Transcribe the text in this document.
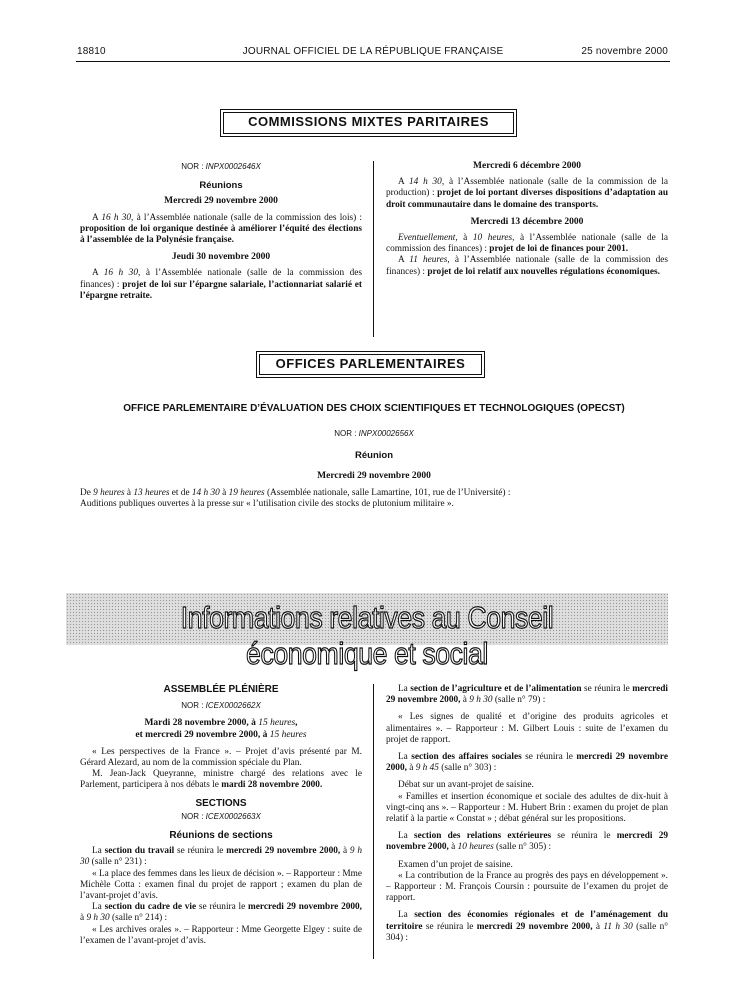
18810	JOURNAL OFFICIEL DE LA RÉPUBLIQUE FRANÇAISE	25 novembre 2000
COMMISSIONS MIXTES PARITAIRES
NOR : INPX0002646X
Réunions
Mercredi 29 novembre 2000

A 16 h 30, à l’Assemblée nationale (salle de la commission des lois) : proposition de loi organique destinée à améliorer l’équité des élections à l’assemblée de la Polynésie française.

Jeudi 30 novembre 2000

A 16 h 30, à l’Assemblée nationale (salle de la commission des finances) : projet de loi sur l’épargne salariale, l’actionnariat salarié et l’épargne retraite.

Mercredi 6 décembre 2000

A 14 h 30, à l’Assemblée nationale (salle de la commission de la production) : projet de loi portant diverses dispositions d’adaptation au droit communautaire dans le domaine des transports.

Mercredi 13 décembre 2000

Eventuellement, à 10 heures, à l’Assemblée nationale (salle de la commission des finances) : projet de loi de finances pour 2001.

A 11 heures, à l’Assemblée nationale (salle de la commission des finances) : projet de loi relatif aux nouvelles régulations économiques.

OFFICES PARLEMENTAIRES
OFFICE PARLEMENTAIRE D’ÉVALUATION DES CHOIX SCIENTIFIQUES ET TECHNOLOGIQUES (OPECST)
NOR : INPX0002656X
Réunion
Mercredi 29 novembre 2000
De 9 heures à 13 heures et de 14 h 30 à 19 heures (Assemblée nationale, salle Lamartine, 101, rue de l’Université) :
Auditions publiques ouvertes à la presse sur « l’utilisation civile des stocks de plutonium militaire ».
Informations relatives au Conseil économique et social
ASSEMBLÉE PLÉNIÈRE
NOR : ICEX0002662X
Mardi 28 novembre 2000, à 15 heures,
et mercredi 29 novembre 2000, à 15 heures

« Les perspectives de la France ». – Projet d’avis présenté par M. Gérard Alezard, au nom de la commission spéciale du Plan.

M. Jean-Jack Queyranne, ministre chargé des relations avec le Parlement, participera à nos débats le mardi 28 novembre 2000.

SECTIONS
NOR : ICEX0002663X
Réunions de sections

La section du travail se réunira le mercredi 29 novembre 2000, à 9 h 30 (salle n° 231) :

« La place des femmes dans les lieux de décision ». – Rapporteur : Mme Michèle Cotta : examen final du projet de rapport ; examen du plan de l’avant-projet d’avis.

La section du cadre de vie se réunira le mercredi 29 novembre 2000, à 9 h 30 (salle n° 214) :

« Les archives orales ». – Rapporteur : Mme Georgette Elgey : suite de l’examen de l’avant-projet d’avis.

La section de l’agriculture et de l’alimentation se réunira le mercredi 29 novembre 2000, à 9 h 30 (salle n° 79) :

« Les signes de qualité et d’origine des produits agricoles et alimentaires ». – Rapporteur : M. Gilbert Louis : suite de l’examen du projet de rapport.

La section des affaires sociales se réunira le mercredi 29 novembre 2000, à 9 h 45 (salle n° 303) :

Débat sur un avant-projet de saisine.

« Familles et insertion économique et sociale des adultes de dix-huit à vingt-cinq ans ». – Rapporteur : M. Hubert Brin : examen du projet de plan relatif à la partie « Constat » ; débat général sur les propositions.

La section des relations extérieures se réunira le mercredi 29 novembre 2000, à 10 heures (salle n° 305) :

Examen d’un projet de saisine.

« La contribution de la France au progrès des pays en développement ». – Rapporteur : M. François Coursin : poursuite de l’examen du projet de rapport.

La section des économies régionales et de l’aménagement du territoire se réunira le mercredi 29 novembre 2000, à 11 h 30 (salle n° 304) :
